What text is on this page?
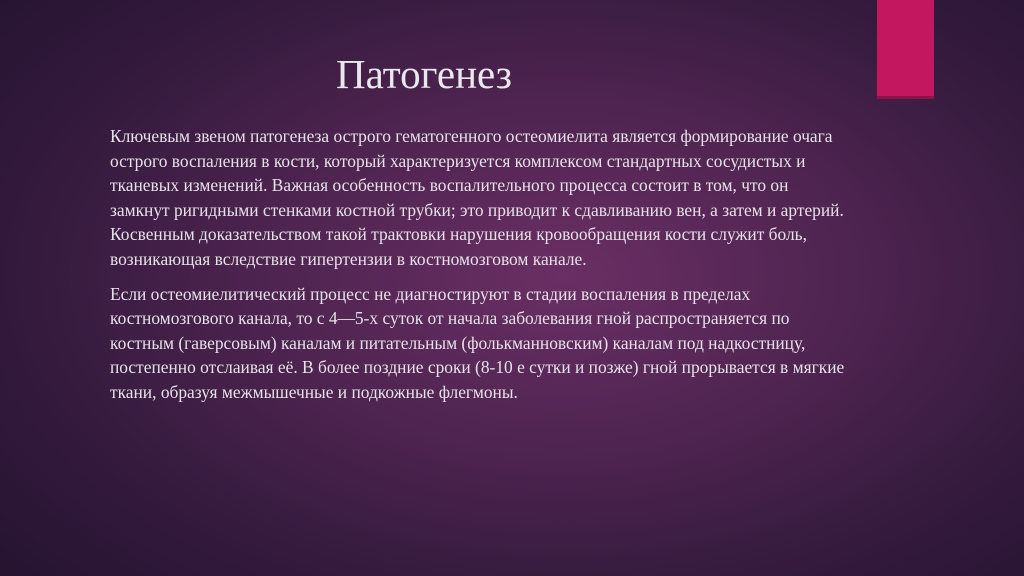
Патогенез

Ключевым звеном патогенеза острого гематогенного остеомиелита является формирование очага острого воспаления в кости, который характеризуется комплексом стандартных сосудистых и тканевых изменений. Важная особенность воспалительного процесса состоит в том, что он замкнут ригидными стенками костной трубки; это приводит к сдавливанию вен, а затем и артерий. Косвенным доказательством такой трактовки нарушения кровообращения кости служит боль, возникающая вследствие гипертензии в костномозговом канале.

Если остеомиелитический процесс не диагностируют в стадии воспаления в пределах костномозгового канала, то с 4—5-х суток от начала заболевания гной распространяется по костным (гаверсовым) каналам и питательным (фолькманновским) каналам под надкостницу, постепенно отслаивая её. В более поздние сроки (8-10 е сутки и позже) гной прорывается в мягкие ткани, образуя межмышечные и подкожные флегмоны.
